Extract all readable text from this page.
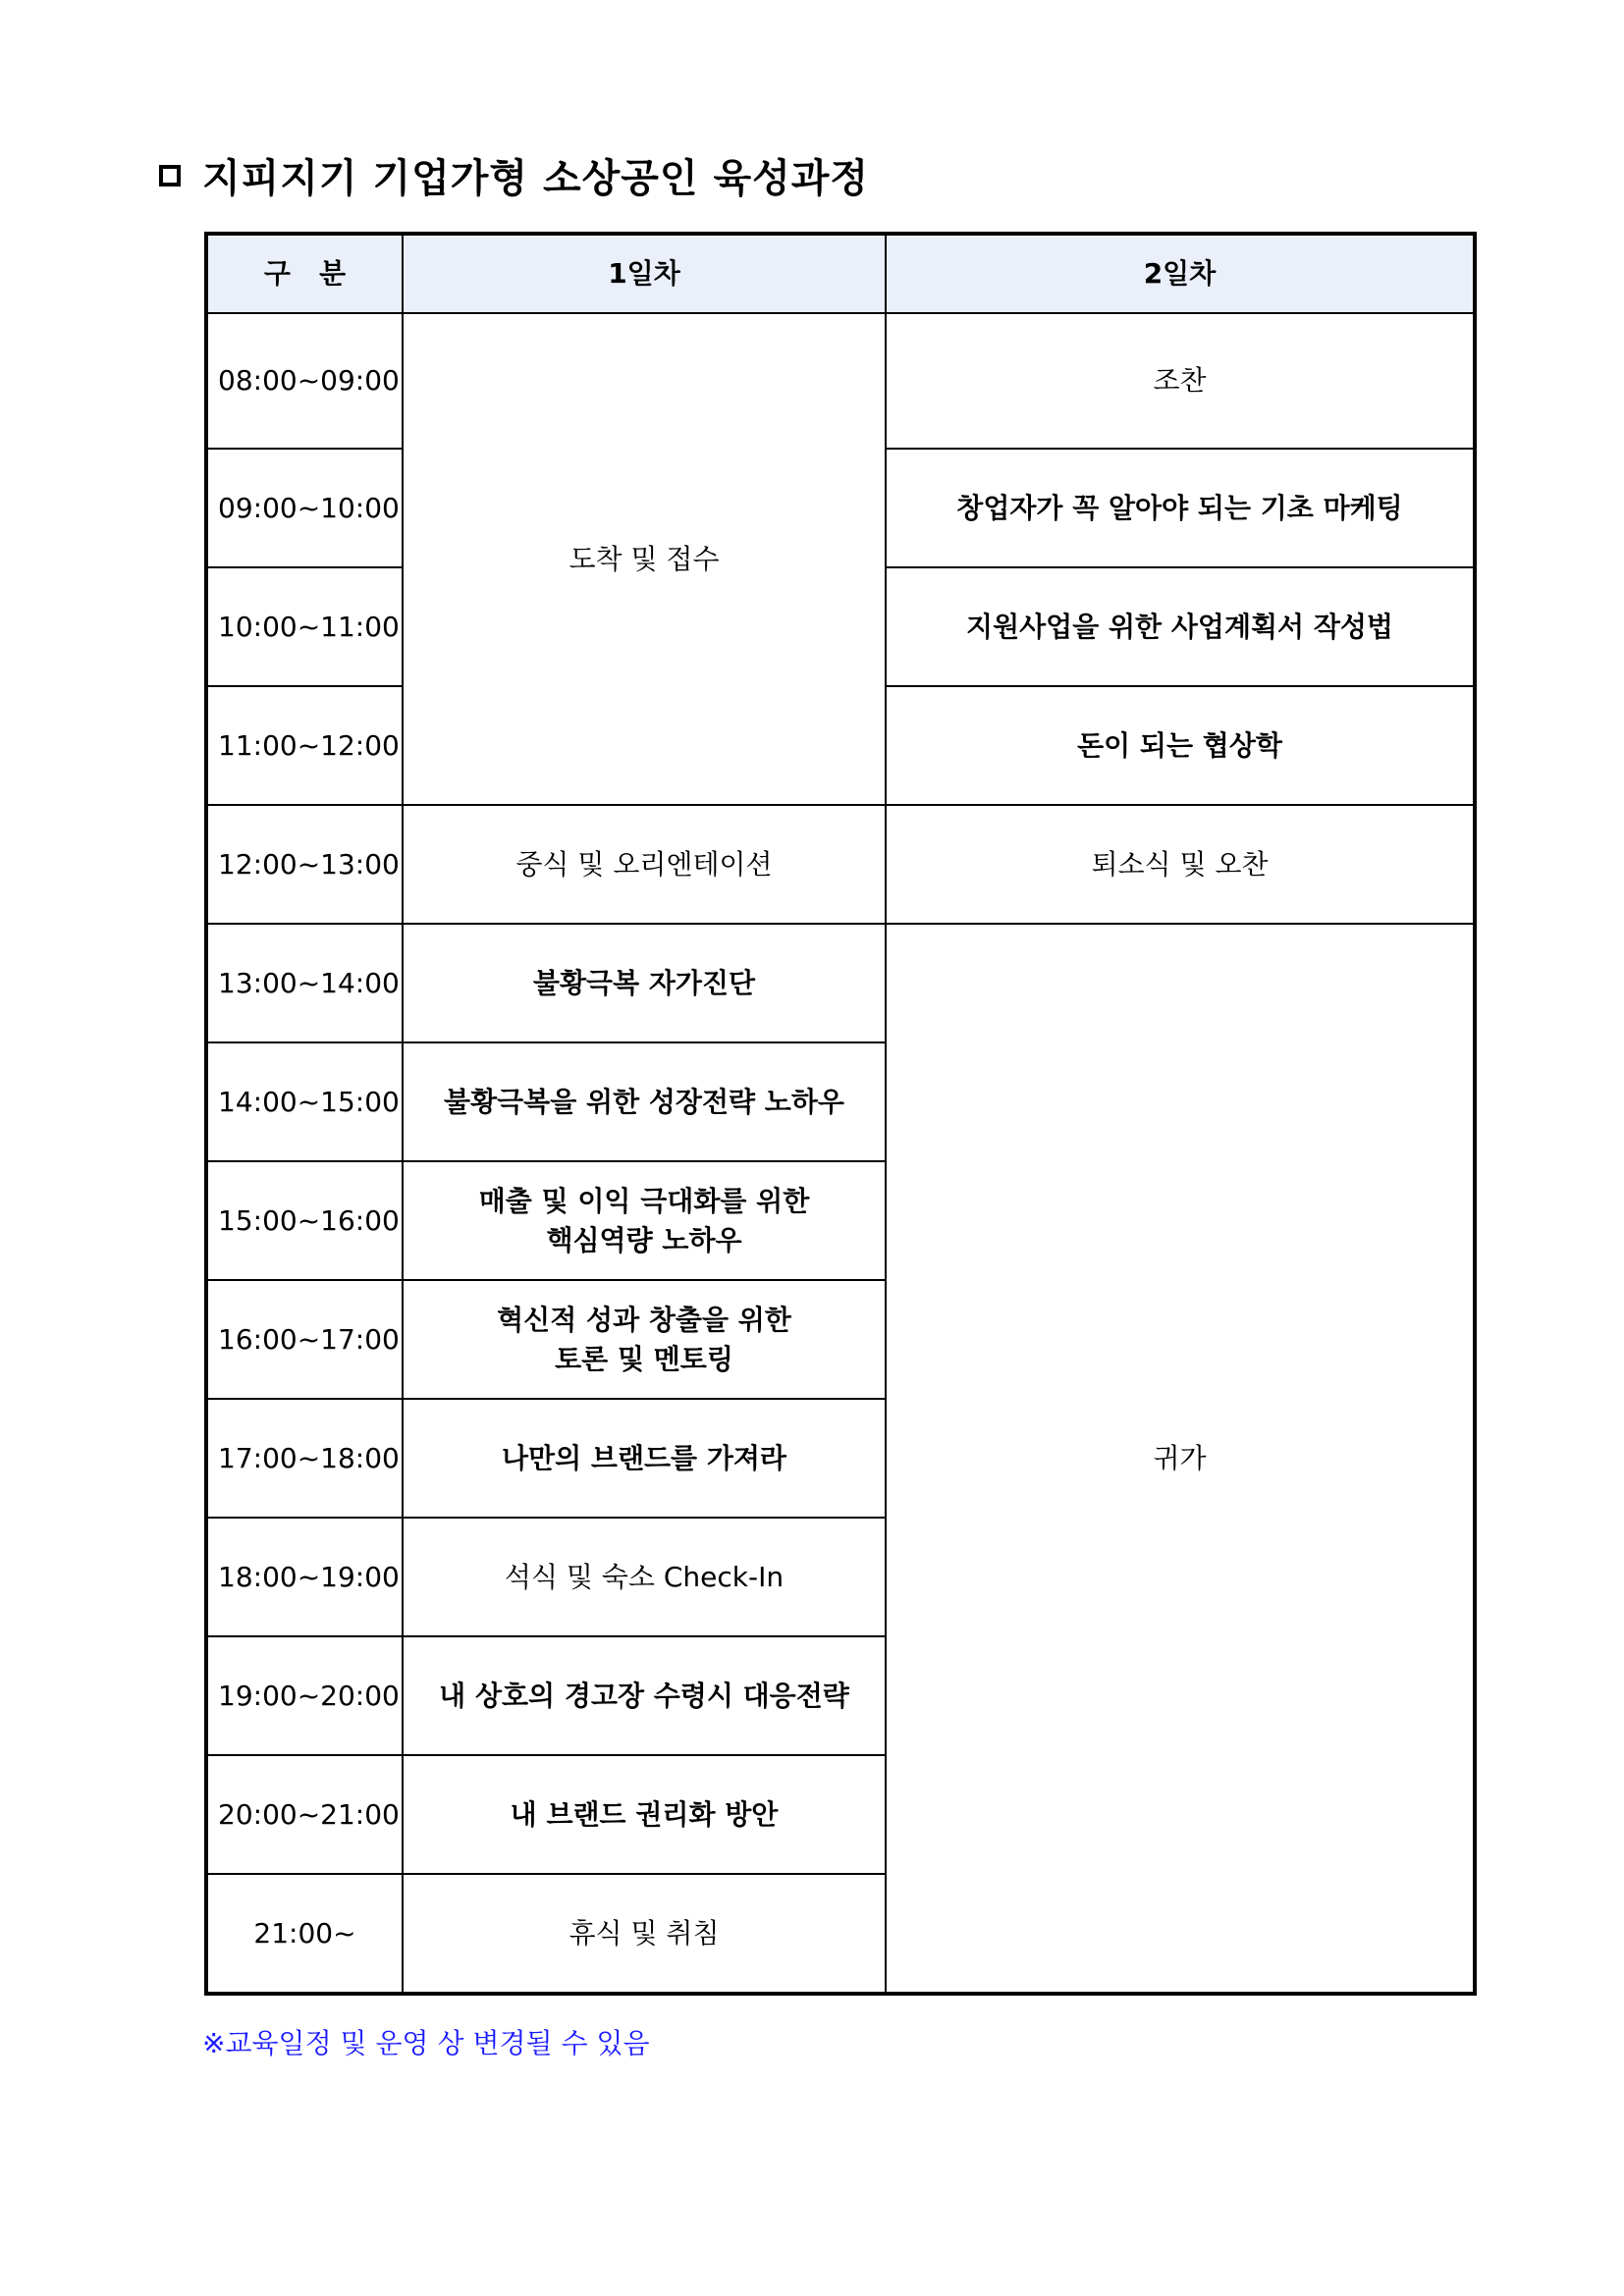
지피지기 기업가형 소상공인 육성과정
구   분	1일차	2일차
08:00~09:00	도착 및 접수	조찬
09:00~10:00		창업자가 꼭 알아야 되는 기초 마케팅
10:00~11:00		지원사업을 위한 사업계획서 작성법
11:00~12:00		돈이 되는 협상학
12:00~13:00	중식 및 오리엔테이션	퇴소식 및 오찬
13:00~14:00	불황극복 자가진단	귀가
14:00~15:00	불황극복을 위한 성장전략 노하우	
15:00~16:00	매출 및 이익 극대화를 위한
핵심역량 노하우	

16:00~17:00	혁신적 성과 창출을 위한
토론 및 멘토링	

17:00~18:00	나만의 브랜드를 가져라	
18:00~19:00	석식 및 숙소 Check-In	
19:00~20:00	내 상호의 경고장 수령시 대응전략	
20:00~21:00	내 브랜드 권리화 방안	
21:00~	휴식 및 취침	
※교육일정 및 운영 상 변경될 수 있음
